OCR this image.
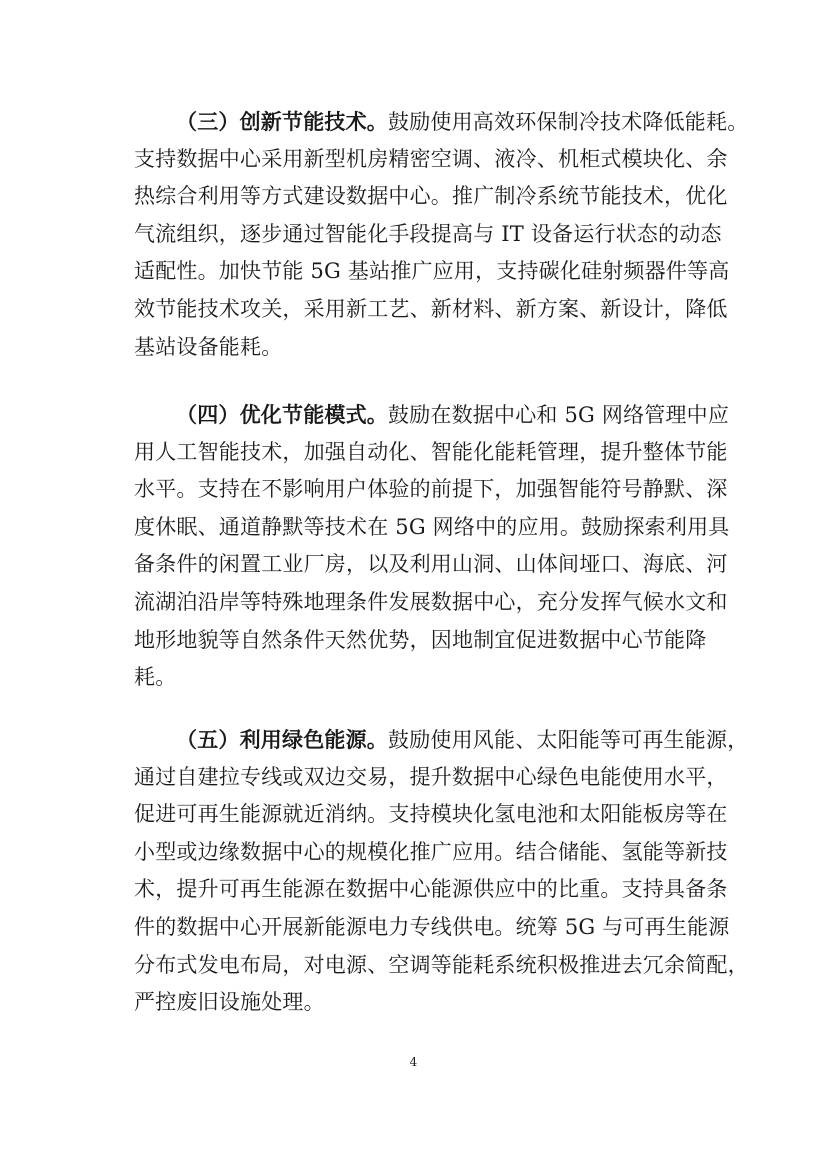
（三）创新节能技术。鼓励使用高效环保制冷技术降低能耗。
支持数据中心采用新型机房精密空调、液冷、机柜式模块化、余
热综合利用等方式建设数据中心。推广制冷系统节能技术，优化
气流组织，逐步通过智能化手段提高与 IT 设备运行状态的动态
适配性。加快节能 5G 基站推广应用，支持碳化硅射频器件等高
效节能技术攻关，采用新工艺、新材料、新方案、新设计，降低
基站设备能耗。
（四）优化节能模式。鼓励在数据中心和 5G 网络管理中应
用人工智能技术，加强自动化、智能化能耗管理，提升整体节能
水平。支持在不影响用户体验的前提下，加强智能符号静默、深
度休眠、通道静默等技术在 5G 网络中的应用。鼓励探索利用具
备条件的闲置工业厂房，以及利用山洞、山体间垭口、海底、河
流湖泊沿岸等特殊地理条件发展数据中心，充分发挥气候水文和
地形地貌等自然条件天然优势，因地制宜促进数据中心节能降
耗。
（五）利用绿色能源。鼓励使用风能、太阳能等可再生能源，
通过自建拉专线或双边交易，提升数据中心绿色电能使用水平，
促进可再生能源就近消纳。支持模块化氢电池和太阳能板房等在
小型或边缘数据中心的规模化推广应用。结合储能、氢能等新技
术，提升可再生能源在数据中心能源供应中的比重。支持具备条
件的数据中心开展新能源电力专线供电。统筹 5G 与可再生能源
分布式发电布局，对电源、空调等能耗系统积极推进去冗余简配，
严控废旧设施处理。
4
